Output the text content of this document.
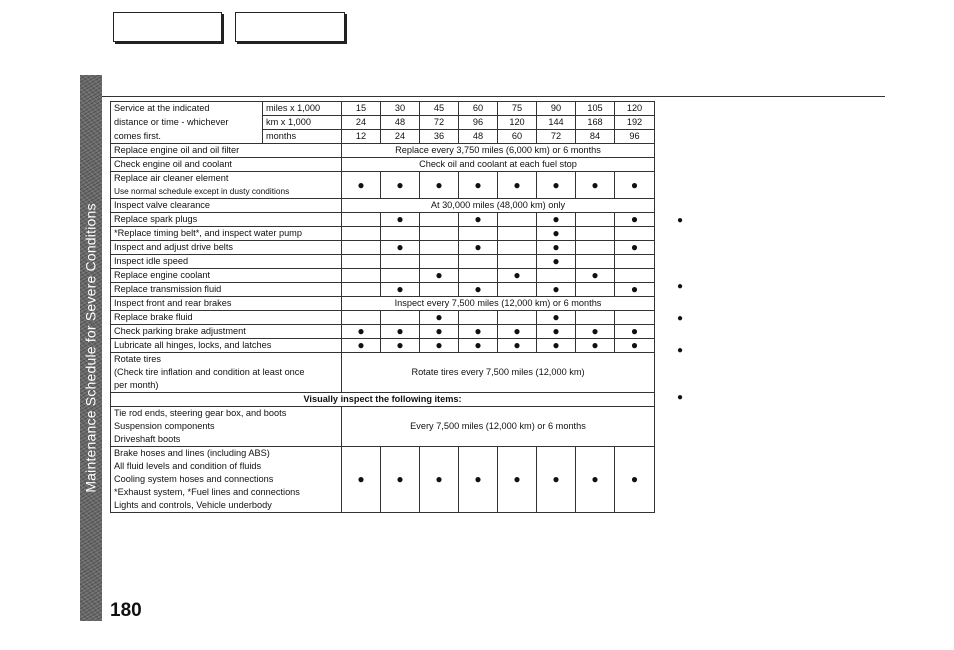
Maintenance Schedule for Severe Conditions
Service at the indicated	miles x 1,000	15	30	45	60	75	90	105	120
distance or time - whichever	km x 1,000	24	48	72	96	120	144	168	192
comes first.	months	12	24	36	48	60	72	84	96
Replace engine oil and oil filter		Replace every 3,750 miles (6,000 km) or 6 months							
Check engine oil and coolant		Check oil and coolant at each fuel stop							
Replace air cleaner element		●	●	●	●	●	●	●	●
Use normal schedule except in dusty conditions									
Inspect valve clearance		At 30,000 miles (48,000 km) only							
Replace spark plugs			●		●		●		●
*Replace timing belt*, and inspect water pump							●		
Inspect and adjust drive belts			●		●		●		●
Inspect idle speed							●		
Replace engine coolant				●		●		●	
Replace transmission fluid			●		●		●		●
Inspect front and rear brakes		Inspect every 7,500 miles (12,000 km) or 6 months							
Replace brake fluid				●			●		
Check parking brake adjustment		●	●	●	●	●	●	●	●
Lubricate all hinges, locks, and latches		●	●	●	●	●	●	●	●

Rotate tires
(Check tire inflation and condition at least once
per month)		Rotate tires every 7,500 miles (12,000 km)							
Visually inspect the following items:									

Tie rod ends, steering gear box, and boots
Suspension components
Driveshaft boots		Every 7,500 miles (12,000 km) or 6 months							

Brake hoses and lines (including ABS)
All fluid levels and condition of fluids
Cooling system hoses and connections
*Exhaust system, *Fuel lines and connections
Lights and controls, Vehicle underbody		●	●	●	●	●	●	●	●
●
●
●
●
●
180
